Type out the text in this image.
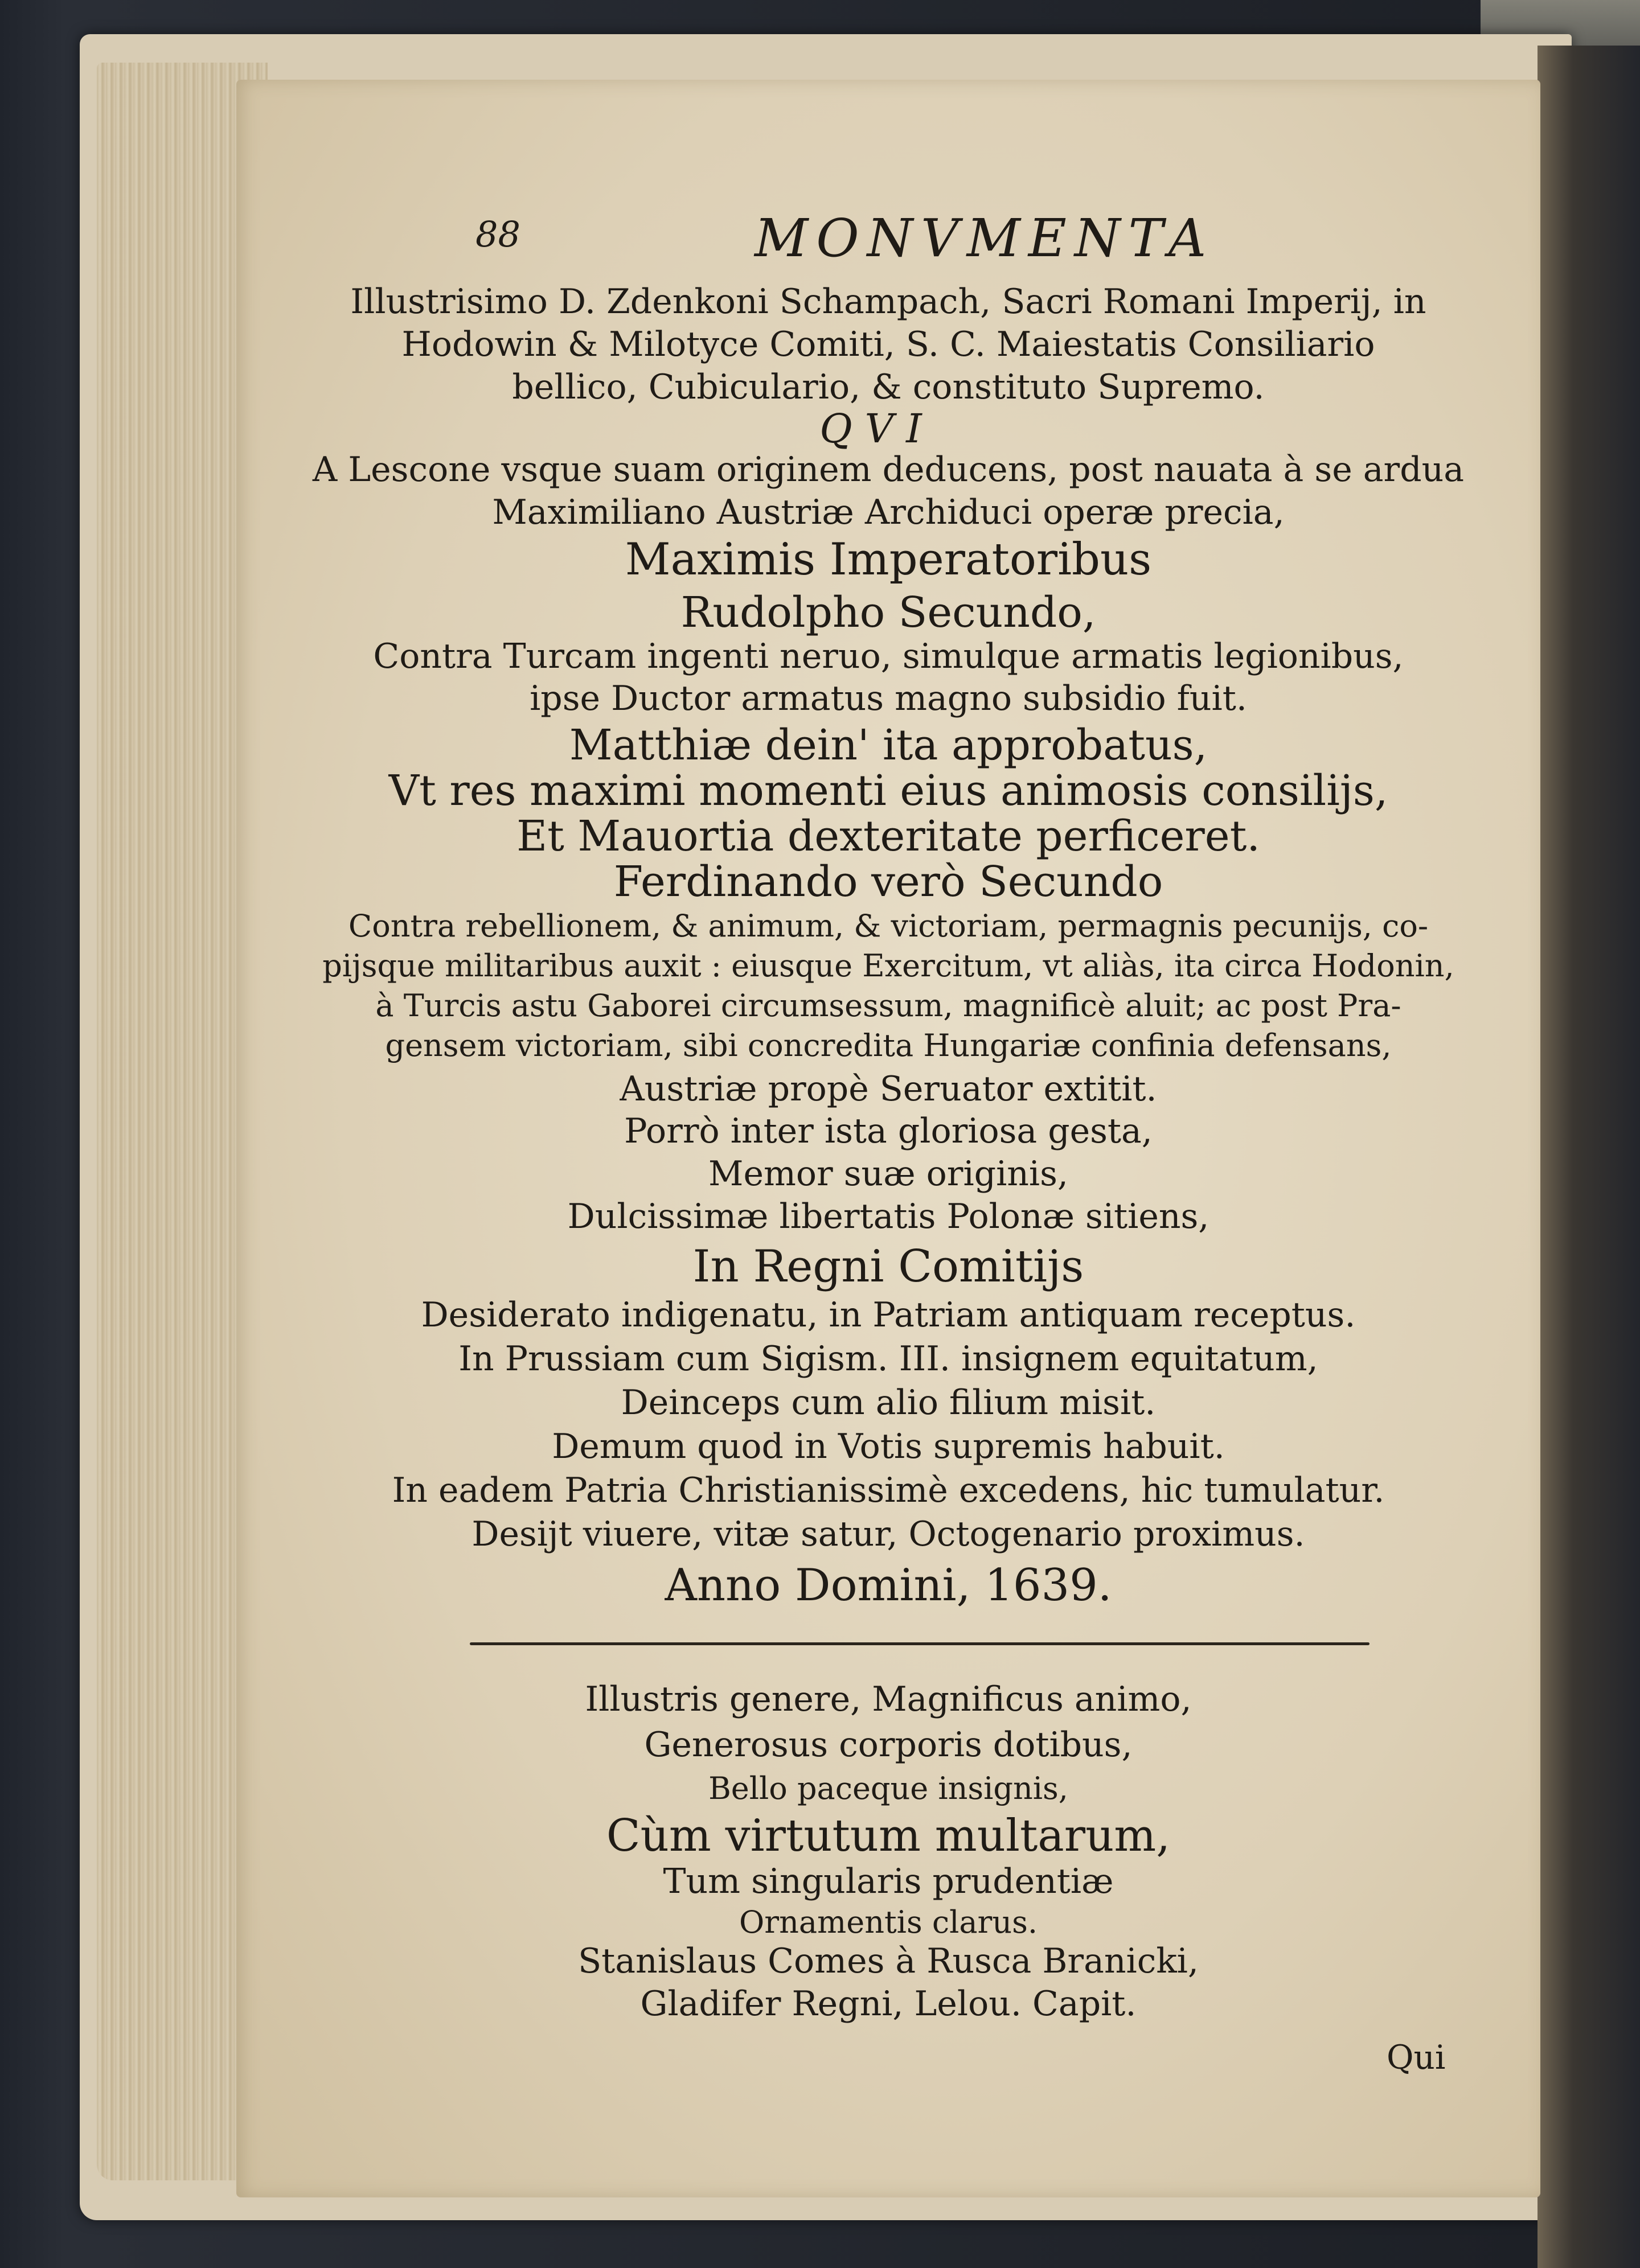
88	MONVMENTA
Illustrisimo D. Zdenkoni Schampach, Sacri Romani Imperij, in
Hodowin & Milotyce Comiti, S. C. Maiestatis Consiliario
bellico, Cubiculario, & constituto Supremo.
QVI
A Lescone vsque suam originem deducens, post nauata à se ardua
Maximiliano Austriæ Archiduci operæ precia,
Maximis Imperatoribus
Rudolpho Secundo,
Contra Turcam ingenti neruo, simulque armatis legionibus,
ipse Ductor armatus magno subsidio fuit.
Matthiæ dein' ita approbatus,
Vt res maximi momenti eius animosis consilijs,
Et Mauortia dexteritate perficeret.
Ferdinando verò Secundo
Contra rebellionem, & animum, & victoriam, permagnis pecunijs, co-
pijsque militaribus auxit : eiusque Exercitum, vt aliàs, ita circa Hodonin,
à Turcis astu Gaborei circumsessum, magnificè aluit; ac post Pra-
gensem victoriam, sibi concredita Hungariæ confinia defensans,
Austriæ propè Seruator extitit.
Porrò inter ista gloriosa gesta,
Memor suæ originis,
Dulcissimæ libertatis Polonæ sitiens,
In Regni Comitijs
Desiderato indigenatu, in Patriam antiquam receptus.
In Prussiam cum Sigism. III. insignem equitatum,
Deinceps cum alio filium misit.
Demum quod in Votis supremis habuit.
In eadem Patria Christianissimè excedens, hic tumulatur.
Desijt viuere, vitæ satur, Octogenario proximus.
Anno Domini, 1639.
Illustris genere, Magnificus animo,
Generosus corporis dotibus,
Bello paceque insignis,
Cùm virtutum multarum,
Tum singularis prudentiæ
Ornamentis clarus.
Stanislaus Comes à Rusca Branicki,
Gladifer Regni, Lelou. Capit.
Qui
